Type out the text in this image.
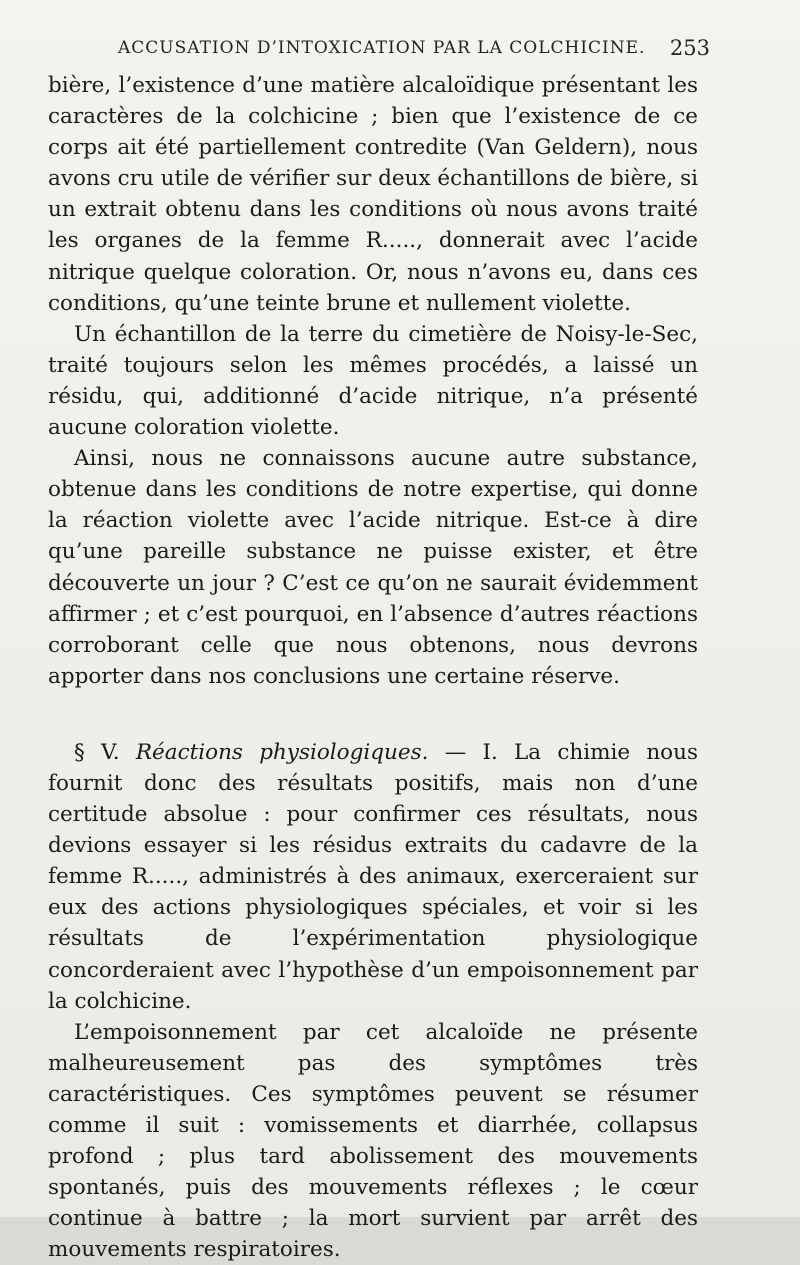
ACCUSATION D’INTOXICATION PAR LA COLCHICINE. 253

bière, l’existence d’une matière alcaloïdique présentant les caractères de la colchicine ; bien que l’existence de ce corps ait été partiellement contredite (Van Geldern), nous avons cru utile de vérifier sur deux échantillons de bière, si un extrait obtenu dans les conditions où nous avons traité les organes de la femme R....., donnerait avec l’acide nitrique quelque coloration. Or, nous n’avons eu, dans ces conditions, qu’une teinte brune et nullement violette.

Un échantillon de la terre du cimetière de Noisy-le-Sec, traité toujours selon les mêmes procédés, a laissé un résidu, qui, additionné d’acide nitrique, n’a présenté aucune coloration violette.

Ainsi, nous ne connaissons aucune autre substance, obtenue dans les conditions de notre expertise, qui donne la réaction violette avec l’acide nitrique. Est-ce à dire qu’une pareille substance ne puisse exister, et être découverte un jour ? C’est ce qu’on ne saurait évidemment affirmer ; et c’est pourquoi, en l’absence d’autres réactions corroborant celle que nous obtenons, nous devrons apporter dans nos conclusions une certaine réserve.

§ V. Réactions physiologiques. — I. La chimie nous fournit donc des résultats positifs, mais non d’une certitude absolue : pour confirmer ces résultats, nous devions essayer si les résidus extraits du cadavre de la femme R....., administrés à des animaux, exerceraient sur eux des actions physiologiques spéciales, et voir si les résultats de l’expérimentation physiologique concorderaient avec l’hypothèse d’un empoisonnement par la colchicine.

L’empoisonnement par cet alcaloïde ne présente malheureusement pas des symptômes très caractéristiques. Ces symptômes peuvent se résumer comme il suit : vomissements et diarrhée, collapsus profond ; plus tard abolissement des mouvements spontanés, puis des mouvements réflexes ; le cœur continue à battre ; la mort survient par arrêt des mouvements respiratoires.
